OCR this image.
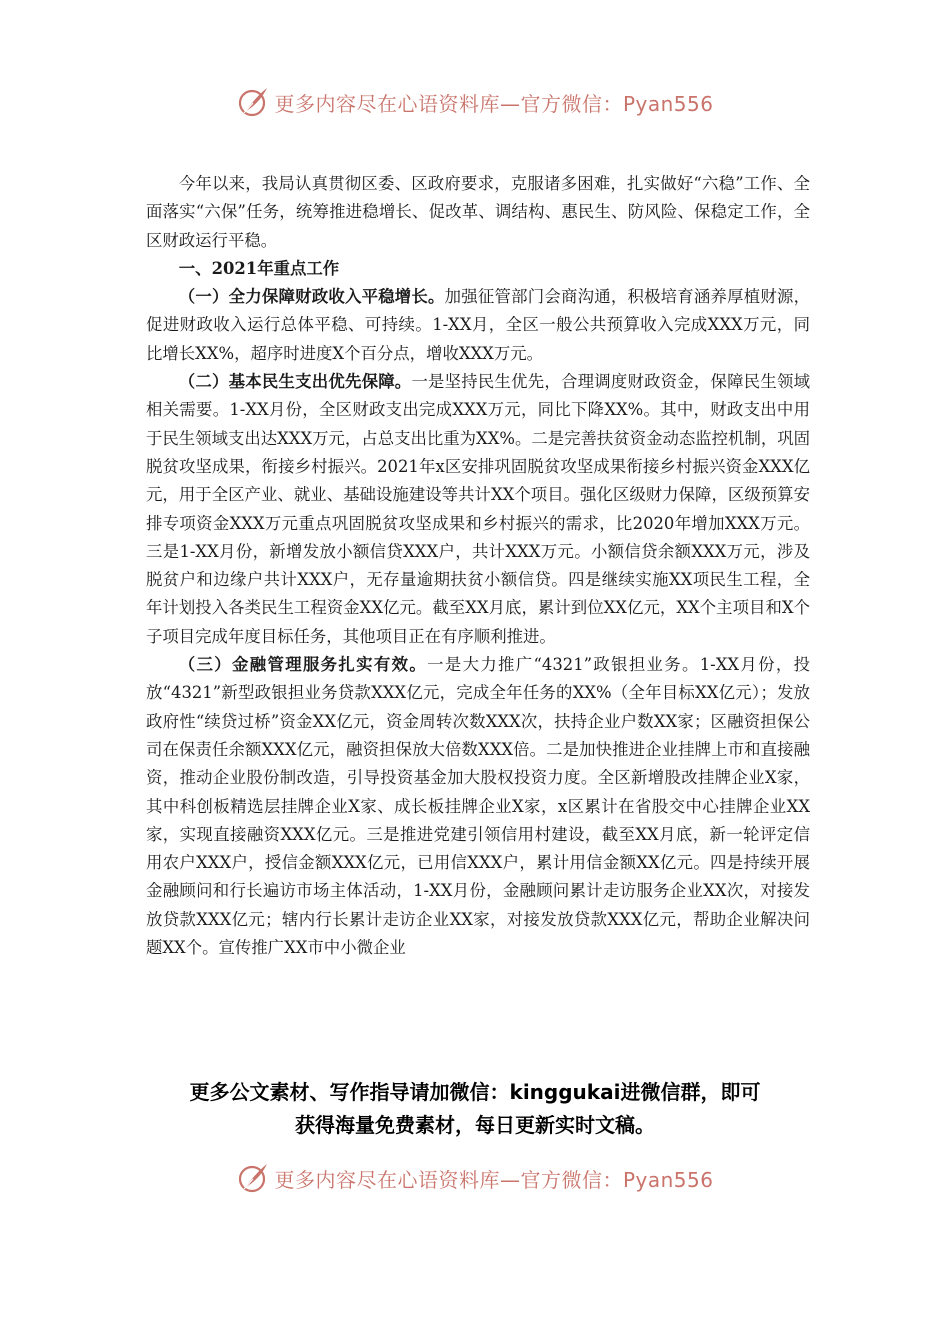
更多内容尽在心语资料库—官方微信：Pyan556

今年以来，我局认真贯彻区委、区政府要求，克服诸多困难，扎实做好“六稳”工作、全面落实“六保”任务，统筹推进稳增长、促改革、调结构、惠民生、防风险、保稳定工作，全区财政运行平稳。

一、2021年重点工作

（一）全力保障财政收入平稳增长。加强征管部门会商沟通，积极培育涵养厚植财源，促进财政收入运行总体平稳、可持续。1-XX月，全区一般公共预算收入完成XXX万元，同比增长XX%，超序时进度X个百分点，增收XXX万元。

（二）基本民生支出优先保障。一是坚持民生优先，合理调度财政资金，保障民生领域相关需要。1-XX月份，全区财政支出完成XXX万元，同比下降XX%。其中，财政支出中用于民生领域支出达XXX万元，占总支出比重为XX%。二是完善扶贫资金动态监控机制，巩固脱贫攻坚成果，衔接乡村振兴。2021年x区安排巩固脱贫攻坚成果衔接乡村振兴资金XXX亿元，用于全区产业、就业、基础设施建设等共计XX个项目。强化区级财力保障，区级预算安排专项资金XXX万元重点巩固脱贫攻坚成果和乡村振兴的需求，比2020年增加XXX万元。三是1-XX月份，新增发放小额信贷XXX户，共计XXX万元。小额信贷余额XXX万元，涉及脱贫户和边缘户共计XXX户，无存量逾期扶贫小额信贷。四是继续实施XX项民生工程，全年计划投入各类民生工程资金XX亿元。截至XX月底，累计到位XX亿元，XX个主项目和X个子项目完成年度目标任务，其他项目正在有序顺利推进。

（三）金融管理服务扎实有效。一是大力推广“4321”政银担业务。1-XX月份，投放“4321”新型政银担业务贷款XXX亿元，完成全年任务的XX%（全年目标XX亿元）；发放政府性“续贷过桥”资金XX亿元，资金周转次数XXX次，扶持企业户数XX家；区融资担保公司在保责任余额XXX亿元，融资担保放大倍数XXX倍。二是加快推进企业挂牌上市和直接融资，推动企业股份制改造，引导投资基金加大股权投资力度。全区新增股改挂牌企业X家，其中科创板精选层挂牌企业X家、成长板挂牌企业X家，x区累计在省股交中心挂牌企业XX家，实现直接融资XXX亿元。三是推进党建引领信用村建设，截至XX月底，新一轮评定信用农户XXX户，授信金额XXX亿元，已用信XXX户，累计用信金额XX亿元。四是持续开展金融顾问和行长遍访市场主体活动，1-XX月份，金融顾问累计走访服务企业XX次，对接发放贷款XXX亿元；辖内行长累计走访企业XX家，对接发放贷款XXX亿元，帮助企业解决问题XX个。宣传推广XX市中小微企业

更多公文素材、写作指导请加微信：kinggukai进微信群，即可
获得海量免费素材，每日更新实时文稿。
更多内容尽在心语资料库—官方微信：Pyan556
